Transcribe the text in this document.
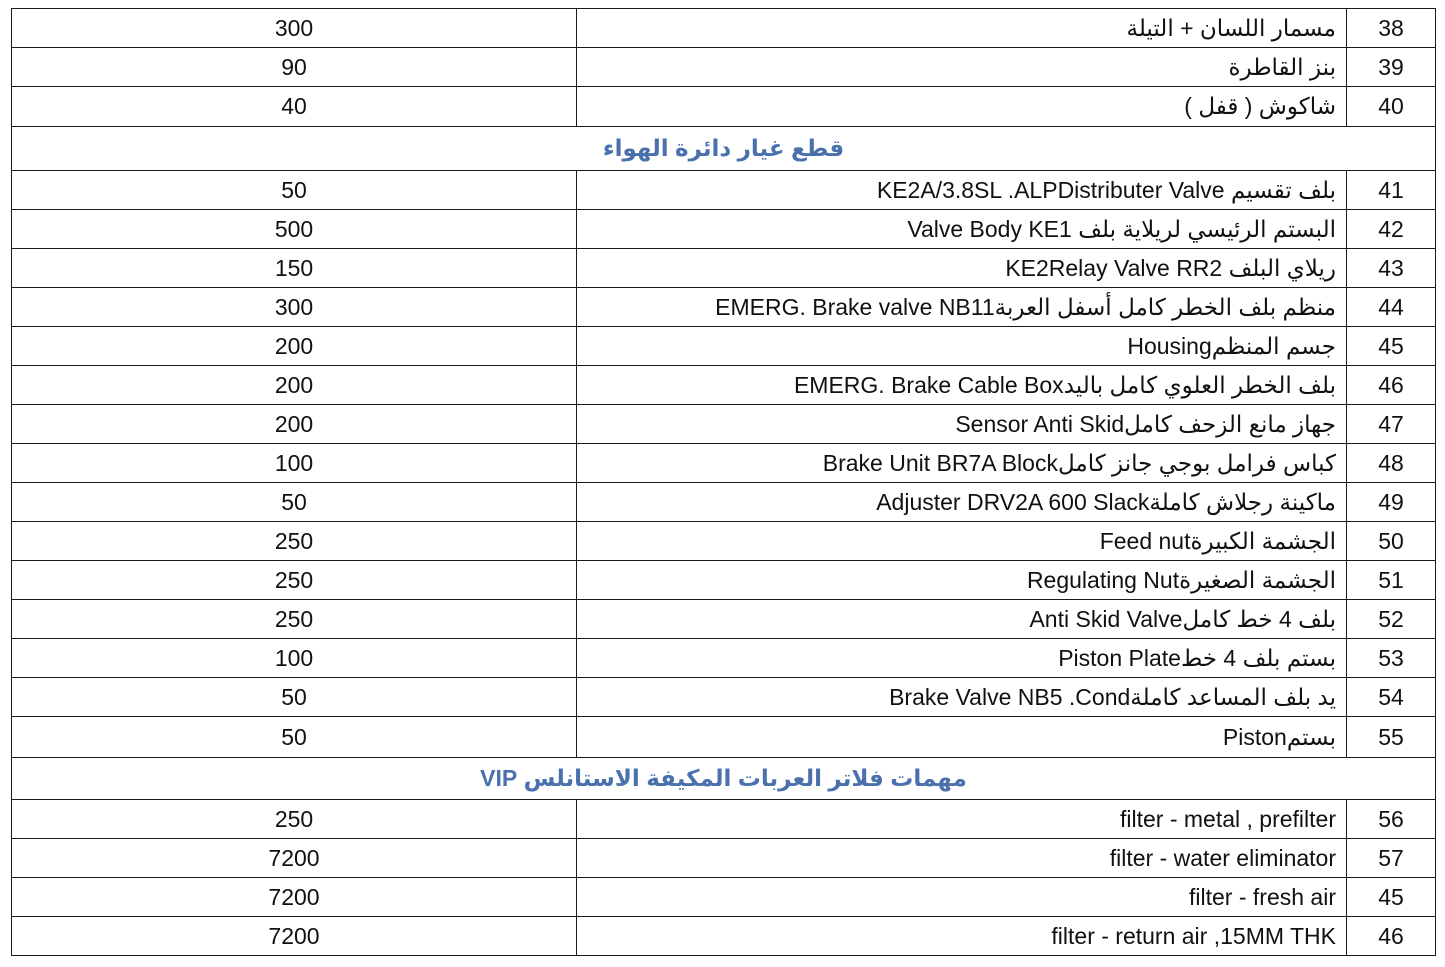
300	مسمار اللسان + التيلة	38
90	بنز القاطرة	39
40	شاكوش ( قفل )	40
قطع غيار دائرة الهواء		
50	بلف تقسيم KE2A/3.8SL .ALPDistributer Valve	41
500	البستم الرئيسي لريلاية بلف Valve Body KE1	42
150	ريلاي البلف KE2Relay Valve RR2	43
300	منظم بلف الخطر كامل أسفل العربةEMERG. Brake valve NB11	44
200	جسم المنظمHousing	45
200	بلف الخطر العلوي كامل باليدEMERG. Brake Cable Box	46
200	جهاز مانع الزحف كاملSensor Anti Skid	47
100	كباس فرامل بوجي جانز كاملBrake Unit BR7A Block	48
50	ماكينة رجلاش كاملةAdjuster DRV2A 600 Slack	49
250	الجشمة الكبيرةFeed nut	50
250	الجشمة الصغيرةRegulating Nut	51
250	بلف 4 خط كاملAnti Skid Valve	52
100	بستم بلف 4 خطPiston Plate	53
50	يد بلف المساعد كاملةBrake Valve NB5 .Cond	54
50	بستمPiston	55
مهمات فلاتر العربات المكيفة الاستانلس VIP		
250	filter - metal , prefilter	56
7200	filter - water eliminator	57
7200	filter - fresh air	45
7200	filter - return air ,15MM THK	46
